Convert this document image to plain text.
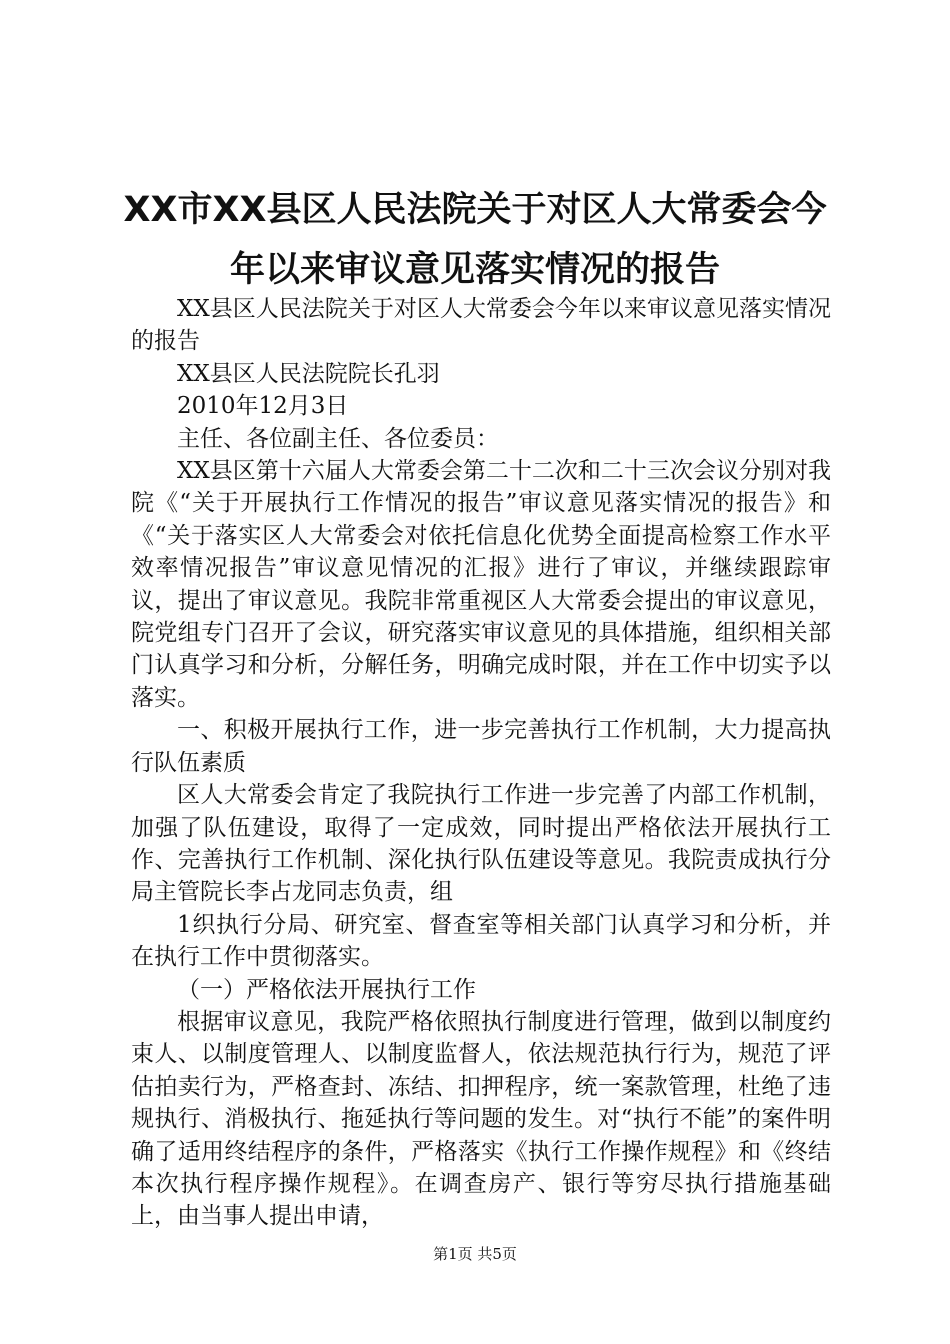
XX市XX县区人民法院关于对区人大常委会今
年以来审议意见落实情况的报告

XX县区人民法院关于对区人大常委会今年以来审议意见落实情况的报告

XX县区人民法院院长孔羽

2010年12月3日

主任、各位副主任、各位委员：

XX县区第十六届人大常委会第二十二次和二十三次会议分别对我院《“关于开展执行工作情况的报告”审议意见落实情况的报告》和《“关于落实区人大常委会对依托信息化优势全面提高检察工作水平效率情况报告”审议意见情况的汇报》进行了审议，并继续跟踪审议，提出了审议意见。我院非常重视区人大常委会提出的审议意见，院党组专门召开了会议，研究落实审议意见的具体措施，组织相关部门认真学习和分析，分解任务，明确完成时限，并在工作中切实予以落实。

一、积极开展执行工作，进一步完善执行工作机制，大力提高执行队伍素质

区人大常委会肯定了我院执行工作进一步完善了内部工作机制，加强了队伍建设，取得了一定成效，同时提出严格依法开展执行工作、完善执行工作机制、深化执行队伍建设等意见。我院责成执行分局主管院长李占龙同志负责，组

1织执行分局、研究室、督查室等相关部门认真学习和分析，并在执行工作中贯彻落实。

（一）严格依法开展执行工作

根据审议意见，我院严格依照执行制度进行管理，做到以制度约束人、以制度管理人、以制度监督人，依法规范执行行为，规范了评估拍卖行为，严格查封、冻结、扣押程序，统一案款管理，杜绝了违规执行、消极执行、拖延执行等问题的发生。对“执行不能”的案件明确了适用终结程序的条件，严格落实《执行工作操作规程》和《终结本次执行程序操作规程》。在调查房产、银行等穷尽执行措施基础上，由当事人提出申请，

第1页 共5页
